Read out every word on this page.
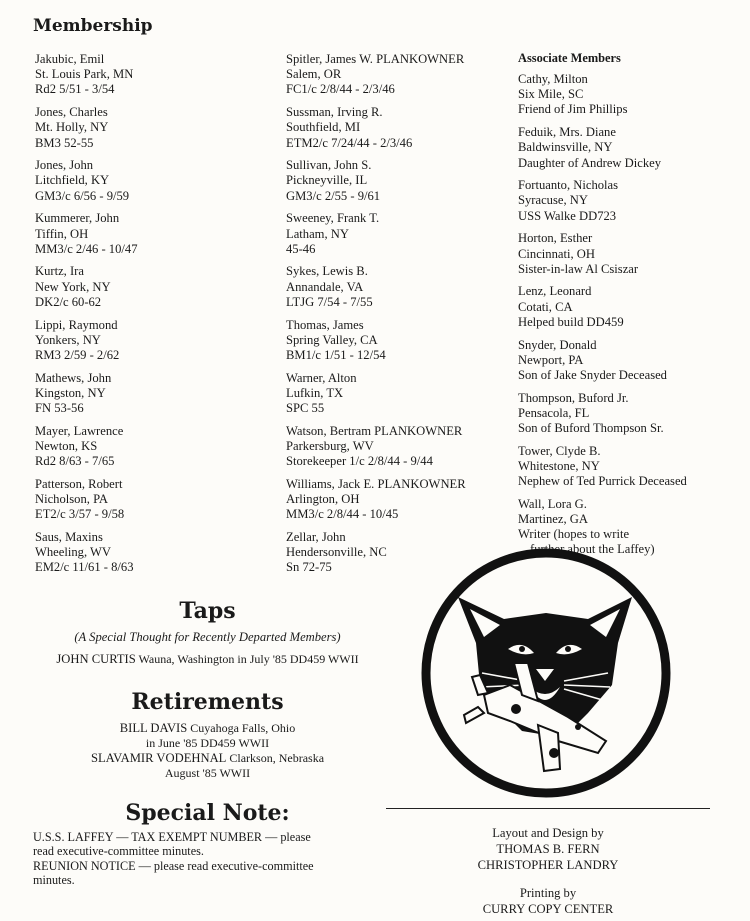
Membership
Jakubic, Emil
St. Louis Park, MN
Rd2 5/51 - 3/54
Jones, Charles
Mt. Holly, NY
BM3 52-55
Jones, John
Litchfield, KY
GM3/c 6/56 - 9/59
Kummerer, John
Tiffin, OH
MM3/c 2/46 - 10/47
Kurtz, Ira
New York, NY
DK2/c 60-62
Lippi, Raymond
Yonkers, NY
RM3 2/59 - 2/62
Mathews, John
Kingston, NY
FN 53-56
Mayer, Lawrence
Newton, KS
Rd2 8/63 - 7/65
Patterson, Robert
Nicholson, PA
ET2/c 3/57 - 9/58
Saus, Maxins
Wheeling, WV
EM2/c 11/61 - 8/63
Spitler, James W. PLANKOWNER
Salem, OR
FC1/c 2/8/44 - 2/3/46
Sussman, Irving R.
Southfield, MI
ETM2/c 7/24/44 - 2/3/46
Sullivan, John S.
Pickneyville, IL
GM3/c 2/55 - 9/61
Sweeney, Frank T.
Latham, NY
45-46
Sykes, Lewis B.
Annandale, VA
LTJG 7/54 - 7/55
Thomas, James
Spring Valley, CA
BM1/c 1/51 - 12/54
Warner, Alton
Lufkin, TX
SPC 55
Watson, Bertram PLANKOWNER
Parkersburg, WV
Storekeeper 1/c 2/8/44 - 9/44
Williams, Jack E. PLANKOWNER
Arlington, OH
MM3/c 2/8/44 - 10/45
Zellar, John
Hendersonville, NC
Sn 72-75
Associate Members
Cathy, Milton
Six Mile, SC
Friend of Jim Phillips
Feduik, Mrs. Diane
Baldwinsville, NY
Daughter of Andrew Dickey
Fortuanto, Nicholas
Syracuse, NY
USS Walke DD723
Horton, Esther
Cincinnati, OH
Sister-in-law Al Csiszar
Lenz, Leonard
Cotati, CA
Helped build DD459
Snyder, Donald
Newport, PA
Son of Jake Snyder Deceased
Thompson, Buford Jr.
Pensacola, FL
Son of Buford Thompson Sr.
Tower, Clyde B.
Whitestone, NY
Nephew of Ted Purrick Deceased
Wall, Lora G.
Martinez, GA
Writer (hopes to write
further about the Laffey)
Taps
(A Special Thought for Recently Departed Members)
JOHN CURTIS Wauna, Washington in July '85 DD459 WWII
Retirements
BILL DAVIS Cuyahoga Falls, Ohio
in June '85 DD459 WWII
SLAVAMIR VODEHNAL Clarkson, Nebraska
August '85 WWII
Special Note:
U.S.S. LAFFEY — TAX EXEMPT NUMBER — please
read executive-committee minutes.
REUNION NOTICE — please read executive-committee
minutes.
Layout and Design by
THOMAS B. FERN
CHRISTOPHER LANDRY
Printing by
CURRY COPY CENTER
